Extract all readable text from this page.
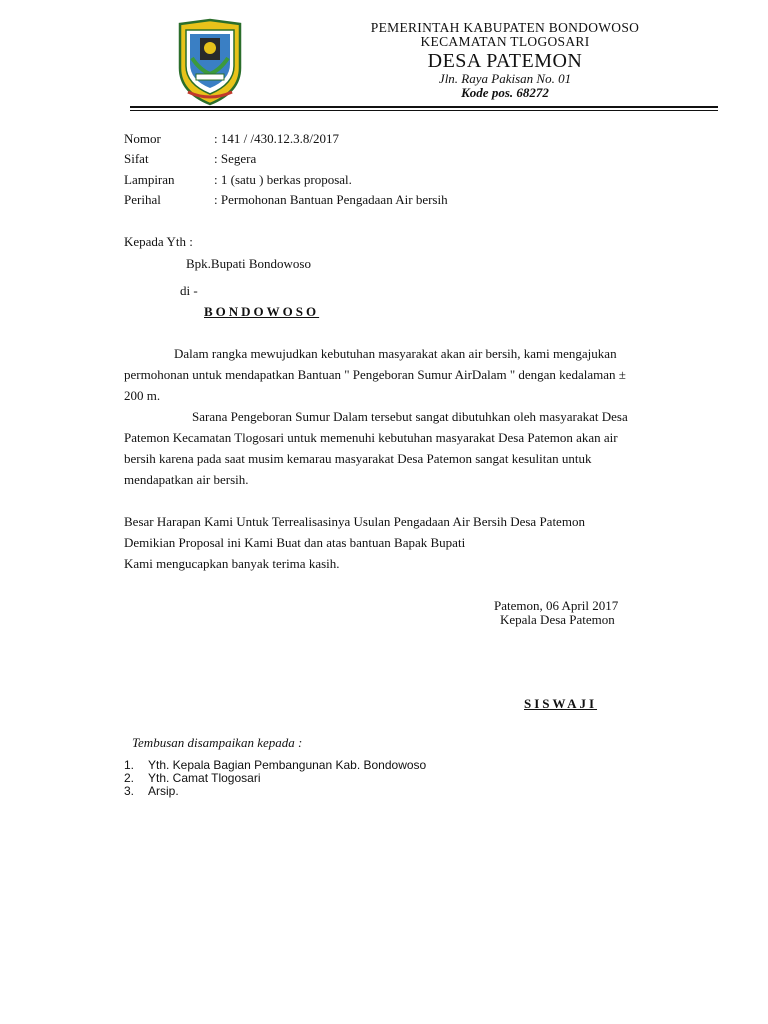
PEMERINTAH KABUPATEN BONDOWOSO
KECAMATAN TLOGOSARI
DESA PATEMON
Jln. Raya Pakisan No. 01
Kode pos. 68272
Nomor	: 141 / /430.12.3.8/2017
Sifat	: Segera
Lampiran	: 1 (satu ) berkas proposal.
Perihal	: Permohonan Bantuan Pengadaan Air bersih
Kepada Yth :
Bpk.Bupati Bondowoso
di -
BONDOWOSO
Dalam rangka mewujudkan kebutuhan masyarakat akan air bersih, kami mengajukan
permohonan untuk mendapatkan Bantuan " Pengeboran Sumur AirDalam " dengan kedalaman ±
200 m.
Sarana Pengeboran Sumur Dalam tersebut sangat dibutuhkan oleh masyarakat Desa
Patemon Kecamatan Tlogosari untuk memenuhi kebutuhan masyarakat Desa Patemon akan air
bersih karena pada saat musim kemarau masyarakat Desa Patemon sangat kesulitan untuk
mendapatkan air bersih.
Besar Harapan Kami Untuk Terrealisasinya Usulan Pengadaan Air Bersih Desa Patemon
Demikian Proposal ini Kami Buat dan atas bantuan Bapak Bupati
Kami mengucapkan banyak terima kasih.
Patemon, 06 April 2017
Kepala Desa Patemon
SISWAJI
Tembusan disampaikan kepada :
1. Yth. Kepala Bagian Pembangunan Kab. Bondowoso
2. Yth. Camat Tlogosari
3. Arsip.
